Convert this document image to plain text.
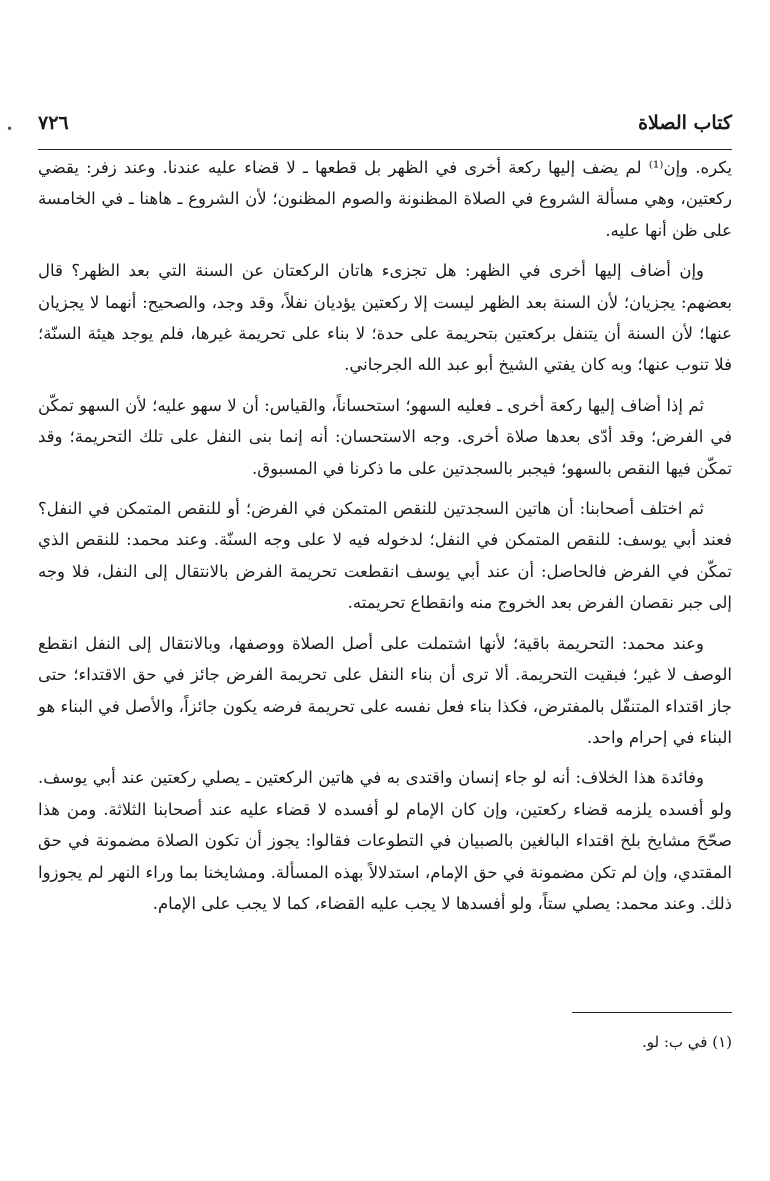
•	كتاب الصلاة
٧٢٦

يكره. وإن⁽¹⁾ لم يضف إليها ركعة أخرى في الظهر بل قطعها ـ لا قضاء عليه عندنا. وعند زفر: يقضي ركعتين، وهي مسألة الشروع في الصلاة المظنونة والصوم المظنون؛ لأن الشروع ـ هاهنا ـ في الخامسة على ظن أنها عليه.

وإن أضاف إليها أخرى في الظهر: هل تجزىء هاتان الركعتان عن السنة التي بعد الظهر؟ قال بعضهم: يجزيان؛ لأن السنة بعد الظهر ليست إلا ركعتين يؤديان نفلاً، وقد وجد، والصحيح: أنهما لا يجزيان عنها؛ لأن السنة أن يتنفل بركعتين بتحريمة على حدة؛ لا بناء على تحريمة غيرها، فلم يوجد هيئة السنّة؛ فلا تنوب عنها؛ وبه كان يفتي الشيخ أبو عبد الله الجرجاني.

ثم إذا أضاف إليها ركعة أخرى ـ فعليه السهو؛ استحساناً، والقياس: أن لا سهو عليه؛ لأن السهو تمكّن في الفرض؛ وقد أدّى بعدها صلاة أخرى. وجه الاستحسان: أنه إنما بنى النفل على تلك التحريمة؛ وقد تمكّن فيها النقص بالسهو؛ فيجبر بالسجدتين على ما ذكرنا في المسبوق.

ثم اختلف أصحابنا: أن هاتين السجدتين للنقص المتمكن في الفرض؛ أو للنقص المتمكن في النفل؟ فعند أبي يوسف: للنقص المتمكن في النفل؛ لدخوله فيه لا على وجه السنّة. وعند محمد: للنقص الذي تمكّن في الفرض فالحاصل: أن عند أبي يوسف انقطعت تحريمة الفرض بالانتقال إلى النفل، فلا وجه إلى جبر نقصان الفرض بعد الخروج منه وانقطاع تحريمته.

وعند محمد: التحريمة باقية؛ لأنها اشتملت على أصل الصلاة ووصفها، وبالانتقال إلى النفل انقطع الوصف لا غير؛ فبقيت التحريمة. ألا ترى أن بناء النفل على تحريمة الفرض جائز في حق الاقتداء؛ حتى جاز اقتداء المتنفّل بالمفترض، فكذا بناء فعل نفسه على تحريمة فرضه يكون جائزاً، والأصل في البناء هو البناء في إحرام واحد.

وفائدة هذا الخلاف: أنه لو جاء إنسان واقتدى به في هاتين الركعتين ـ يصلي ركعتين عند أبي يوسف. ولو أفسده يلزمه قضاء ركعتين، وإن كان الإمام لو أفسده لا قضاء عليه عند أصحابنا الثلاثة. ومن هذا صحّحَ مشايخ بلخ اقتداء البالغين بالصبيان في التطوعات فقالوا: يجوز أن تكون الصلاة مضمونة في حق المقتدي، وإن لم تكن مضمونة في حق الإمام، استدلالاً بهذه المسألة. ومشايخنا بما وراء النهر لم يجوزوا ذلك. وعند محمد: يصلي ستاً، ولو أفسدها لا يجب عليه القضاء، كما لا يجب على الإمام.

(١) في ب: لو.
